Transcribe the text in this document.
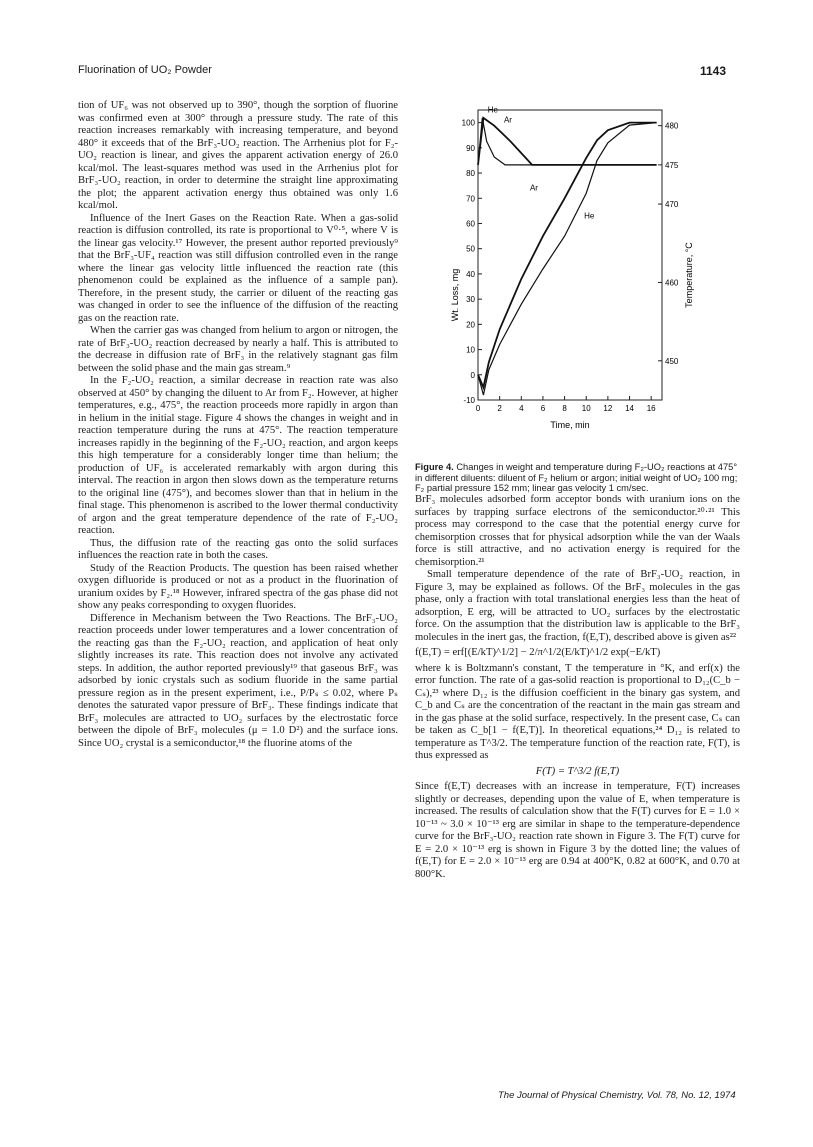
Fluorination of UO₂ Powder	1143

tion of UF₆ was not observed up to 390°, though the sorption of fluorine was confirmed even at 300° through a pressure study. The rate of this reaction increases remarkably with increasing temperature, and beyond 480° it exceeds that of the BrF₃-UO₂ reaction. The Arrhenius plot for F₂-UO₂ reaction is linear, and gives the apparent activation energy of 26.0 kcal/mol. The least-squares method was used in the Arrhenius plot for BrF₃-UO₂ reaction, in order to determine the straight line approximating the plot; the apparent activation energy thus obtained was only 1.6 kcal/mol.

Influence of the Inert Gases on the Reaction Rate. When a gas-solid reaction is diffusion controlled, its rate is proportional to V⁰·⁵, where V is the linear gas velocity.¹⁷ However, the present author reported previously⁹ that the BrF₃-UF₄ reaction was still diffusion controlled even in the range where the linear gas velocity little influenced the reaction rate (this phenomenon could be explained as the influence of a sample pan). Therefore, in the present study, the carrier or diluent of the reacting gas was changed in order to see the influence of the diffusion of the reacting gas on the reaction rate.

When the carrier gas was changed from helium to argon or nitrogen, the rate of BrF₃-UO₂ reaction decreased by nearly a half. This is attributed to the decrease in diffusion rate of BrF₃ in the relatively stagnant gas film between the solid phase and the main gas stream.⁹

In the F₂-UO₂ reaction, a similar decrease in reaction rate was also observed at 450° by changing the diluent to Ar from F₂. However, at higher temperatures, e.g., 475°, the reaction proceeds more rapidly in argon than in helium in the initial stage. Figure 4 shows the changes in weight and in reaction temperature during the runs at 475°. The reaction temperature increases rapidly in the beginning of the F₂-UO₂ reaction, and argon keeps this high temperature for a considerably longer time than helium; the production of UF₆ is accelerated remarkably with argon during this interval. The reaction in argon then slows down as the temperature returns to the original line (475°), and becomes slower than that in helium in the final stage. This phenomenon is ascribed to the lower thermal conductivity of argon and the great temperature dependence of the rate of F₂-UO₂ reaction.

Thus, the diffusion rate of the reacting gas onto the solid surfaces influences the reaction rate in both the cases.

Study of the Reaction Products. The question has been raised whether oxygen difluoride is produced or not as a product in the fluorination of uranium oxides by F₂.¹⁸ However, infrared spectra of the gas phase did not show any peaks corresponding to oxygen fluorides.

Difference in Mechanism between the Two Reactions. The BrF₃-UO₂ reaction proceeds under lower temperatures and a lower concentration of the reacting gas than the F₂-UO₂ reaction, and application of heat only slightly increases its rate. This reaction does not involve any activated steps. In addition, the author reported previously¹⁹ that gaseous BrF₃ was adsorbed by ionic crystals such as sodium fluoride in the same partial pressure region as in the present experiment, i.e., P/Pₛ ≤ 0.02, where Pₛ denotes the saturated vapor pressure of BrF₃. These findings indicate that BrF₃ molecules are attracted to UO₂ surfaces by the electrostatic force between the dipole of BrF₃ molecules (μ = 1.0 D²) and the surface ions. Since UO₂ crystal is a semiconductor,¹⁸ the fluorine atoms of the

0 2 4 6 8 10 12 14 16
-10
0
10
20
30
40
50
60
70
80
90
100
450
460
470
475
480
Time, min
Wt. Loss, mg	Temperature, °C
He
Ar
Ar
He
Figure 4. Changes in weight and temperature during F₂-UO₂ reactions at 475° in different diluents: diluent of F₂ helium or argon; initial weight of UO₂ 100 mg; F₂ partial pressure 152 mm; linear gas velocity 1 cm/sec.

BrF₃ molecules adsorbed form acceptor bonds with uranium ions on the surfaces by trapping surface electrons of the semiconductor.²⁰·²¹ This process may correspond to the case that the potential energy curve for chemisorption crosses that for physical adsorption while the van der Waals force is still attractive, and no activation energy is required for the chemisorption.²¹

Small temperature dependence of the rate of BrF₃-UO₂ reaction, in Figure 3, may be explained as follows. Of the BrF₃ molecules in the gas phase, only a fraction with total translational energies less than the heat of adsorption, E erg, will be attracted to UO₂ surfaces by the electrostatic force. On the assumption that the distribution law is applicable to the BrF₃ molecules in the inert gas, the fraction, f(E,T), described above is given as²²

f(E,T) = erf[(E/kT)^1/2] − 2/π^1/2(E/kT)^1/2 exp(−E/kT)

where k is Boltzmann's constant, T the temperature in °K, and erf(x) the error function. The rate of a gas-solid reaction is proportional to D₁₂(C_b − Cₛ),²³ where D₁₂ is the diffusion coefficient in the binary gas system, and C_b and Cₛ are the concentration of the reactant in the main gas stream and in the gas phase at the solid surface, respectively. In the present case, Cₛ can be taken as C_b[1 − f(E,T)]. In theoretical equations,²⁴ D₁₂ is related to temperature as T^3/2. The temperature function of the reaction rate, F(T), is thus expressed as

F(T) = T^3/2 f(E,T)

Since f(E,T) decreases with an increase in temperature, F(T) increases slightly or decreases, depending upon the value of E, when temperature is increased. The results of calculation show that the F(T) curves for E = 1.0 × 10⁻¹³ ~ 3.0 × 10⁻¹³ erg are similar in shape to the temperature-dependence curve for the BrF₃-UO₂ reaction rate shown in Figure 3. The F(T) curve for E = 2.0 × 10⁻¹³ erg is shown in Figure 3 by the dotted line; the values of f(E,T) for E = 2.0 × 10⁻¹³ erg are 0.94 at 400°K, 0.82 at 600°K, and 0.70 at 800°K.

The Journal of Physical Chemistry, Vol. 78, No. 12, 1974
